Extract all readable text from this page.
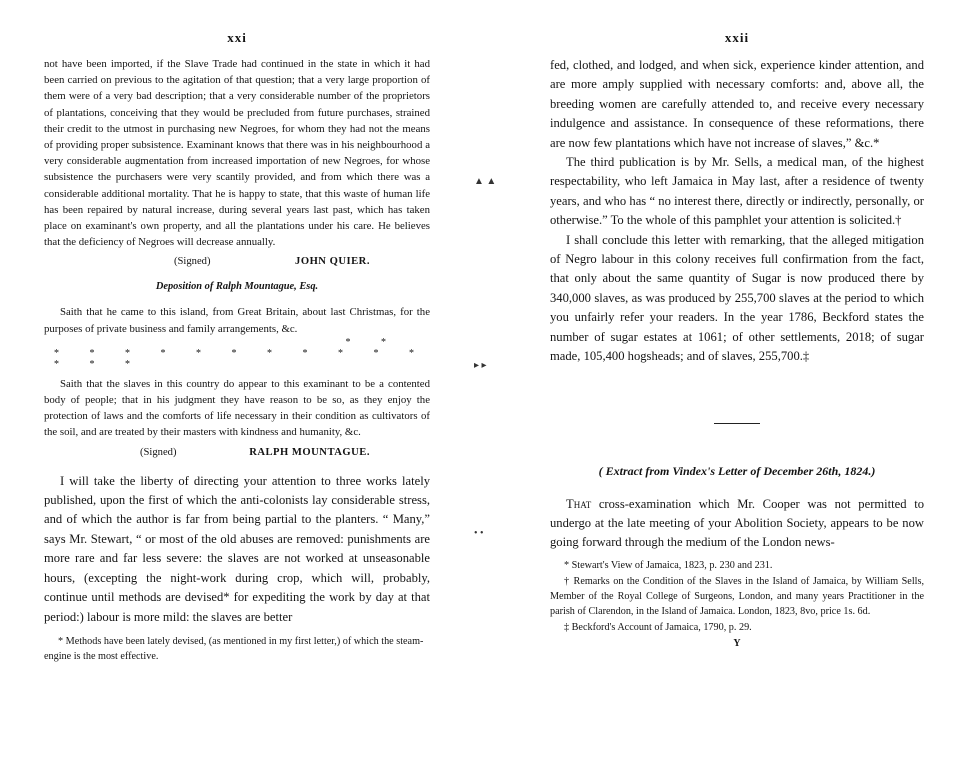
xxi

not have been imported, if the Slave Trade had continued in the state in which it had been carried on previous to the agitation of that question; that a very large proportion of them were of a very bad description; that a very considerable number of the proprietors of plantations, conceiving that they would be precluded from future purchases, strained their credit to the utmost in purchasing new Negroes, for whom they had not the means of providing proper subsistence. Examinant knows that there was in his neighbourhood a very considerable augmentation from increased importation of new Negroes, for whose subsistence the purchasers were very scantily provided, and from which there was a considerable additional mortality. That he is happy to state, that this waste of human life has been repaired by natural increase, during several years last past, which has taken place on examinant's own property, and all the plantations under his care. He believes that the deficiency of Negroes will decrease annually.

(Signed)	JOHN QUIER.
Deposition of Ralph Mountague, Esq.

Saith that he came to this island, from Great Britain, about last Christmas, for the purposes of private business and family arrangements, &c.

* *
* * * * * * * * * * * * * *

Saith that the slaves in this country do appear to this examinant to be a contented body of people; that in his judgment they have reason to be so, as they enjoy the protection of laws and the comforts of life necessary in their condition as cultivators of the soil, and are treated by their masters with kindness and humanity, &c.

(Signed)	RALPH MOUNTAGUE.

I will take the liberty of directing your attention to three works lately published, upon the first of which the anti-colonists lay considerable stress, and of which the author is far from being partial to the planters. “ Many,” says Mr. Stewart, “ or most of the old abuses are removed: punishments are more rare and far less severe: the slaves are not worked at unseasonable hours, (excepting the night-work during crop, which will, probably, continue until methods are devised* for expediting the work by day at that period:) labour is more mild: the slaves are better

* Methods have been lately devised, (as mentioned in my first letter,) of which the steam-engine is the most effective.

▲ ▲
▸ ▸
• •
xxii

fed, clothed, and lodged, and when sick, experience kinder attention, and are more amply supplied with necessary comforts: and, above all, the breeding women are carefully attended to, and receive every necessary indulgence and assistance. In consequence of these reformations, there are now few plantations which have not increase of slaves,” &c.*

The third publication is by Mr. Sells, a medical man, of the highest respectability, who left Jamaica in May last, after a residence of twenty years, and who has “ no interest there, directly or indirectly, personally, or otherwise.” To the whole of this pamphlet your attention is solicited.†

I shall conclude this letter with remarking, that the alleged mitigation of Negro labour in this colony receives full confirmation from the fact, that only about the same quantity of Sugar is now produced there by 340,000 slaves, as was produced by 255,700 slaves at the period to which you unfairly refer your readers. In the year 1786, Beckford states the number of sugar estates at 1061; of other settlements, 2018; of sugar made, 105,400 hogsheads; and of slaves, 255,700.‡

( Extract from Vindex's Letter of December 26th, 1824.)

That cross-examination which Mr. Cooper was not permitted to undergo at the late meeting of your Abolition Society, appears to be now going forward through the medium of the London news-

* Stewart's View of Jamaica, 1823, p. 230 and 231.

† Remarks on the Condition of the Slaves in the Island of Jamaica, by William Sells, Member of the Royal College of Surgeons, London, and many years Practitioner in the parish of Clarendon, in the Island of Jamaica. London, 1823, 8vo, price 1s. 6d.

‡ Beckford's Account of Jamaica, 1790, p. 29.

Y
